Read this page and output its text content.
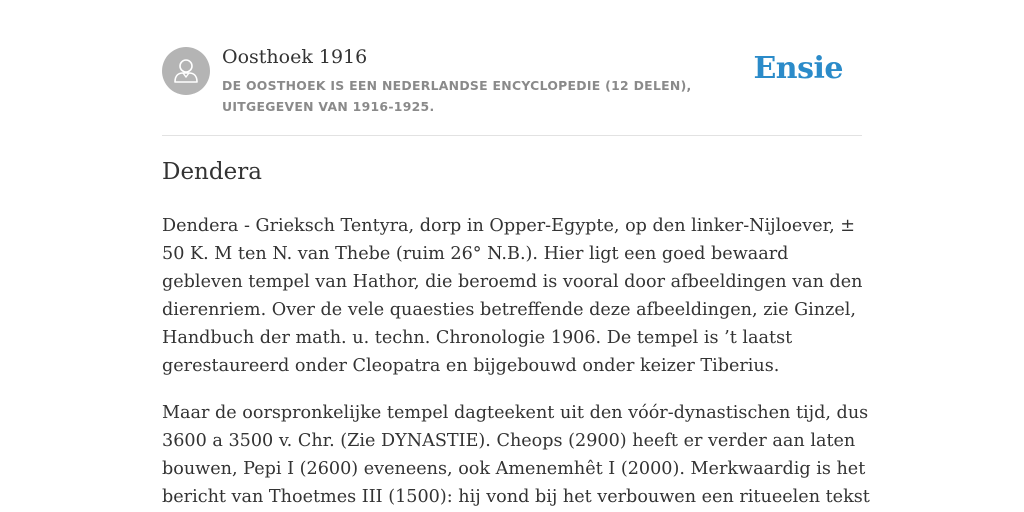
Oosthoek 1916
DE OOSTHOEK IS EEN NEDERLANDSE ENCYCLOPEDIE (12 DELEN), UITGEGEVEN VAN 1916-1925.
Ensie
Dendera

Dendera - Grieksch Tentyra, dorp in Opper-Egypte, op den linker-Nijloever, ± 50 K. M ten N. van Thebe (ruim 26° N.B.). Hier ligt een goed bewaard gebleven tempel van Hathor, die beroemd is vooral door afbeeldingen van den dierenriem. Over de vele quaesties betreffende deze afbeeldingen, zie Ginzel, Handbuch der math. u. techn. Chronologie 1906. De tempel is ’t laatst gerestaureerd onder Cleopatra en bijgebouwd onder keizer Tiberius.

Maar de oorspronkelijke tempel dagteekent uit den vóór-dynastischen tijd, dus 3600 a 3500 v. Chr. (Zie DYNASTIE). Cheops (2900) heeft er verder aan laten bouwen, Pepi I (2600) eveneens, ook Amenemhêt I (2000). Merkwaardig is het bericht van Thoetmes III (1500): hij vond bij het verbouwen een ritueelen tekst
